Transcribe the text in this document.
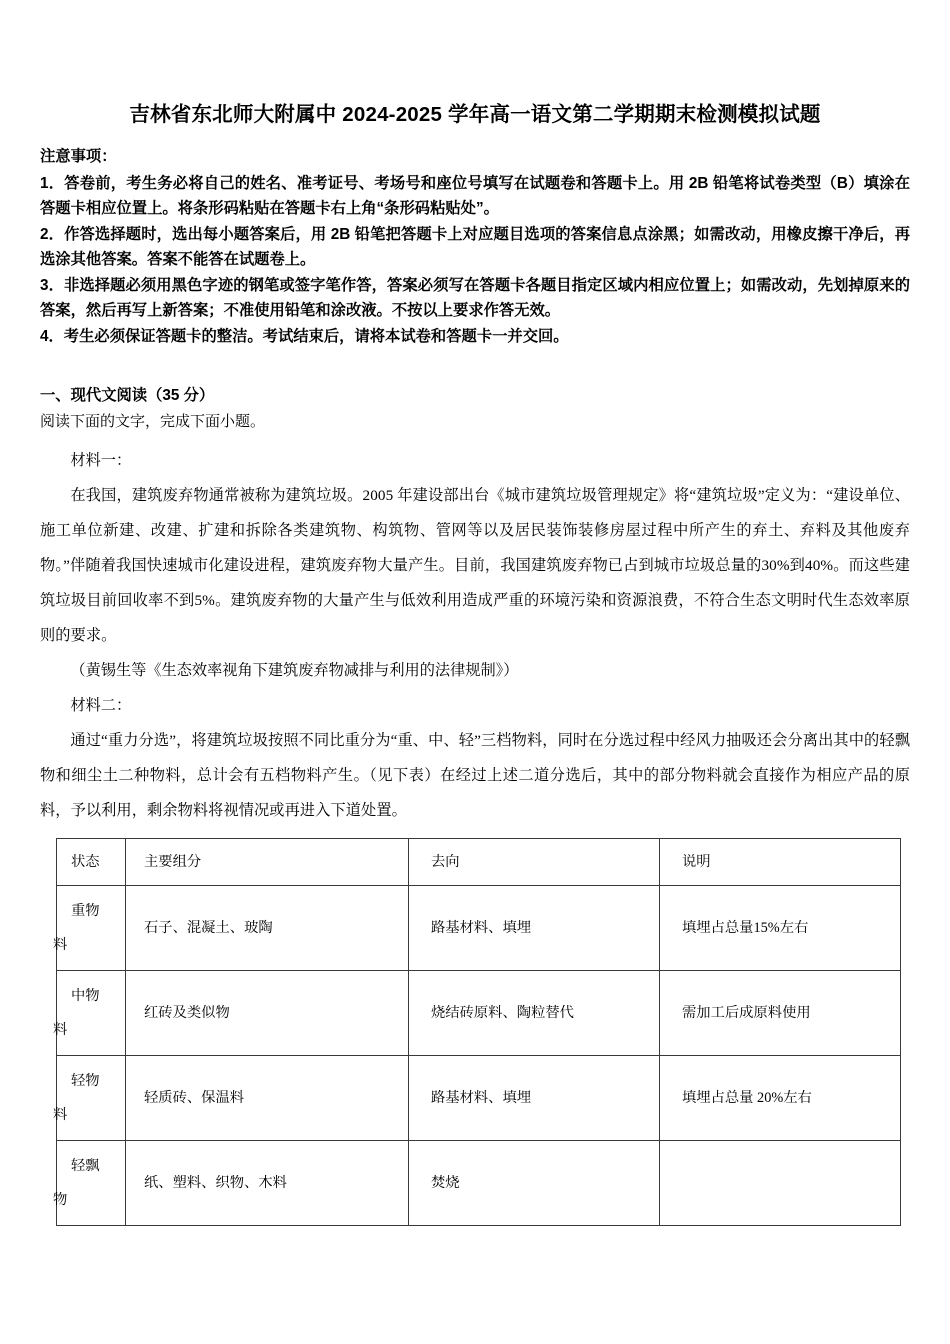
吉林省东北师大附属中 2024-2025 学年高一语文第二学期期末检测模拟试题

注意事项：

1．答卷前，考生务必将自己的姓名、准考证号、考场号和座位号填写在试题卷和答题卡上。用 2B 铅笔将试卷类型（B）填涂在答题卡相应位置上。将条形码粘贴在答题卡右上角“条形码粘贴处”。

2．作答选择题时，选出每小题答案后，用 2B 铅笔把答题卡上对应题目选项的答案信息点涂黑；如需改动，用橡皮擦干净后，再选涂其他答案。答案不能答在试题卷上。

3．非选择题必须用黑色字迹的钢笔或签字笔作答，答案必须写在答题卡各题目指定区域内相应位置上；如需改动，先划掉原来的答案，然后再写上新答案；不准使用铅笔和涂改液。不按以上要求作答无效。

4．考生必须保证答题卡的整洁。考试结束后，请将本试卷和答题卡一并交回。

一、现代文阅读（35 分）

阅读下面的文字，完成下面小题。

材料一：

在我国，建筑废弃物通常被称为建筑垃圾。2005 年建设部出台《城市建筑垃圾管理规定》将“建筑垃圾”定义为：“建设单位、施工单位新建、改建、扩建和拆除各类建筑物、构筑物、管网等以及居民装饰装修房屋过程中所产生的弃土、弃料及其他废弃物。”伴随着我国快速城市化建设进程，建筑废弃物大量产生。目前，我国建筑废弃物已占到城市垃圾总量的30%到40%。而这些建筑垃圾目前回收率不到5%。建筑废弃物的大量产生与低效利用造成严重的环境污染和资源浪费，不符合生态文明时代生态效率原则的要求。

（黄锡生等《生态效率视角下建筑废弃物减排与利用的法律规制》）

材料二：

通过“重力分选”，将建筑垃圾按照不同比重分为“重、中、轻”三档物料，同时在分选过程中经风力抽吸还会分离出其中的轻飘物和细尘土二种物料，总计会有五档物料产生。（见下表）在经过上述二道分选后，其中的部分物料就会直接作为相应产品的原料，予以利用，剩余物料将视情况或再进入下道处置。

状态	主要组分	去向	说明

重物料	石子、混凝土、玻陶	路基材料、填埋	填埋占总量15%左右

中物料	红砖及类似物	烧结砖原料、陶粒替代	需加工后成原料使用

轻物料	轻质砖、保温料	路基材料、填埋	填埋占总量 20%左右

轻飘物	纸、塑料、织物、木料	焚烧	
